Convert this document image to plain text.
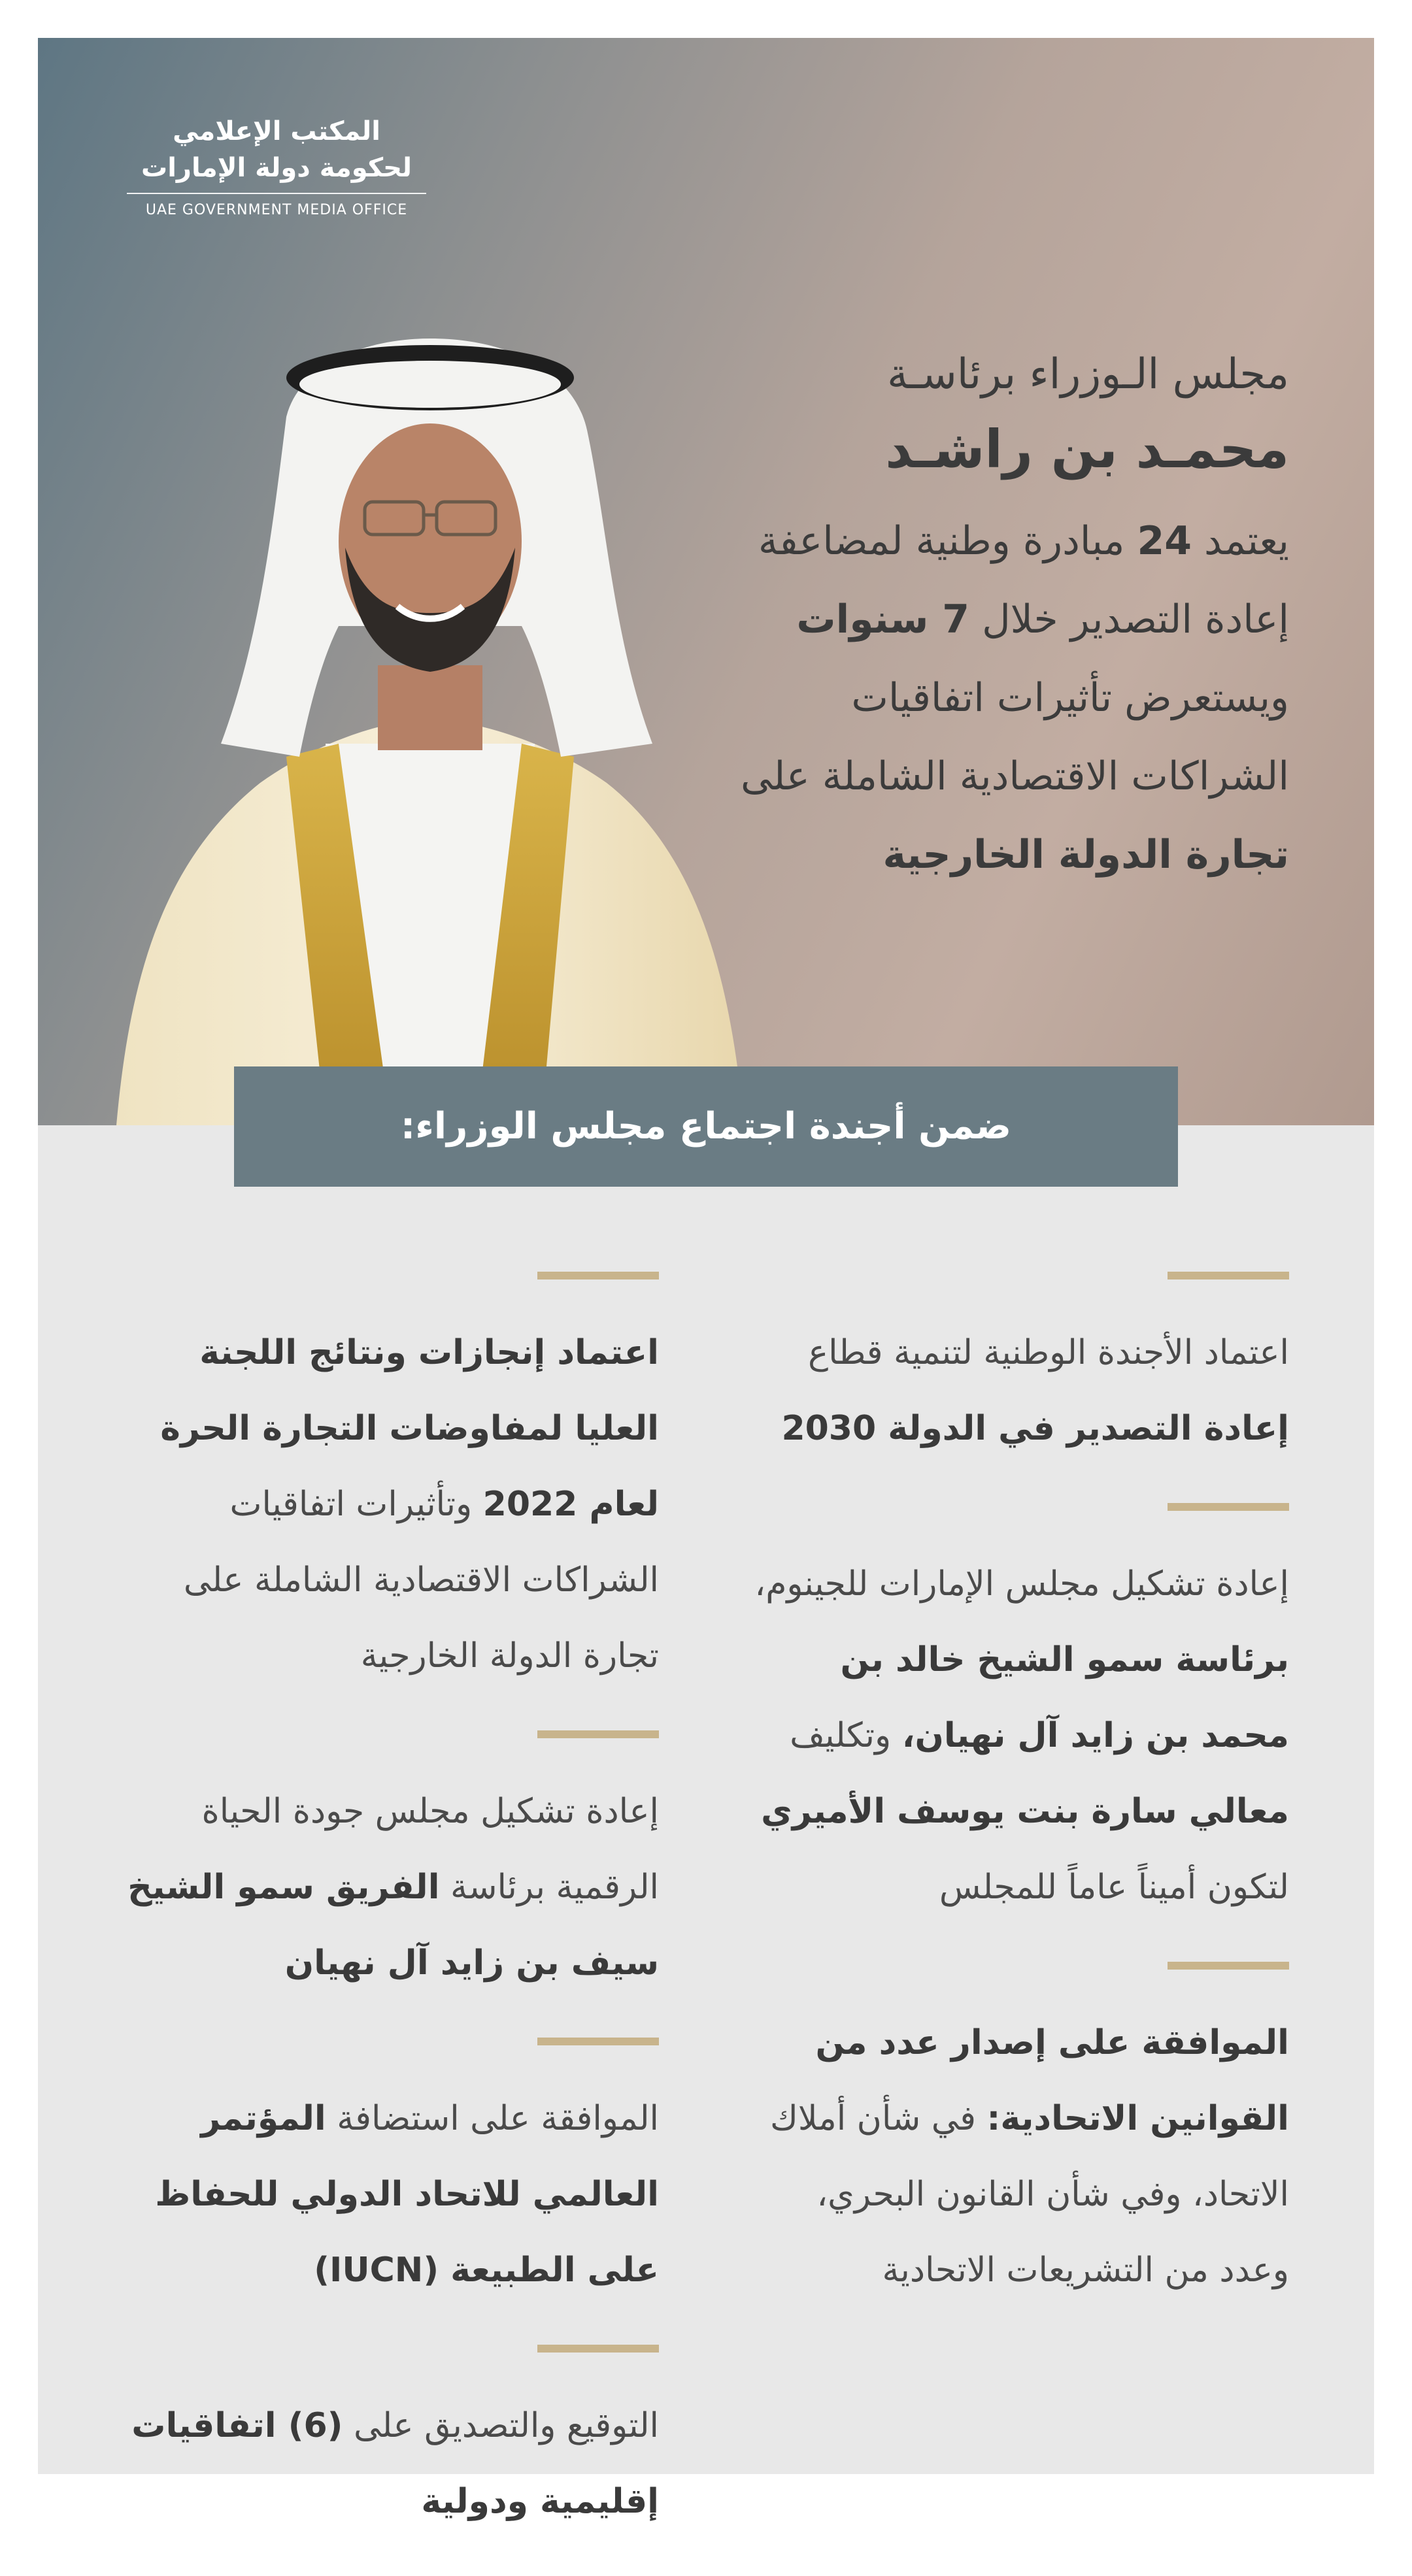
المكتب الإعلامي
لحكومة دولة الإمارات
UAE GOVERNMENT MEDIA OFFICE
مجلس الـوزراء برئاسـة
محمـد بن راشـد
يعتمد 24 مبادرة وطنية لمضاعفة إعادة التصدير خلال 7 سنوات ويستعرض تأثيرات اتفاقيات الشراكات الاقتصادية الشاملة على تجارة الدولة الخارجية
ضمن أجندة اجتماع مجلس الوزراء:
اعتماد الأجندة الوطنية لتنمية قطاع إعادة التصدير في الدولة 2030
إعادة تشكيل مجلس الإمارات للجينوم، برئاسة سمو الشيخ خالد بن محمد بن زايد آل نهيان، وتكليف معالي سارة بنت يوسف الأميري لتكون أميناً عاماً للمجلس
الموافقة على إصدار عدد من القوانين الاتحادية: في شأن أملاك الاتحاد، وفي شأن القانون البحري، وعدد من التشريعات الاتحادية
اعتماد إنجازات ونتائج اللجنة العليا لمفاوضات التجارة الحرة لعام 2022 وتأثيرات اتفاقيات الشراكات الاقتصادية الشاملة على تجارة الدولة الخارجية
إعادة تشكيل مجلس جودة الحياة الرقمية برئاسة الفريق سمو الشيخ سيف بن زايد آل نهيان
الموافقة على استضافة المؤتمر العالمي للاتحاد الدولي للحفاظ على الطبيعة (IUCN)
التوقيع والتصديق على (6) اتفاقيات إقليمية ودولية
